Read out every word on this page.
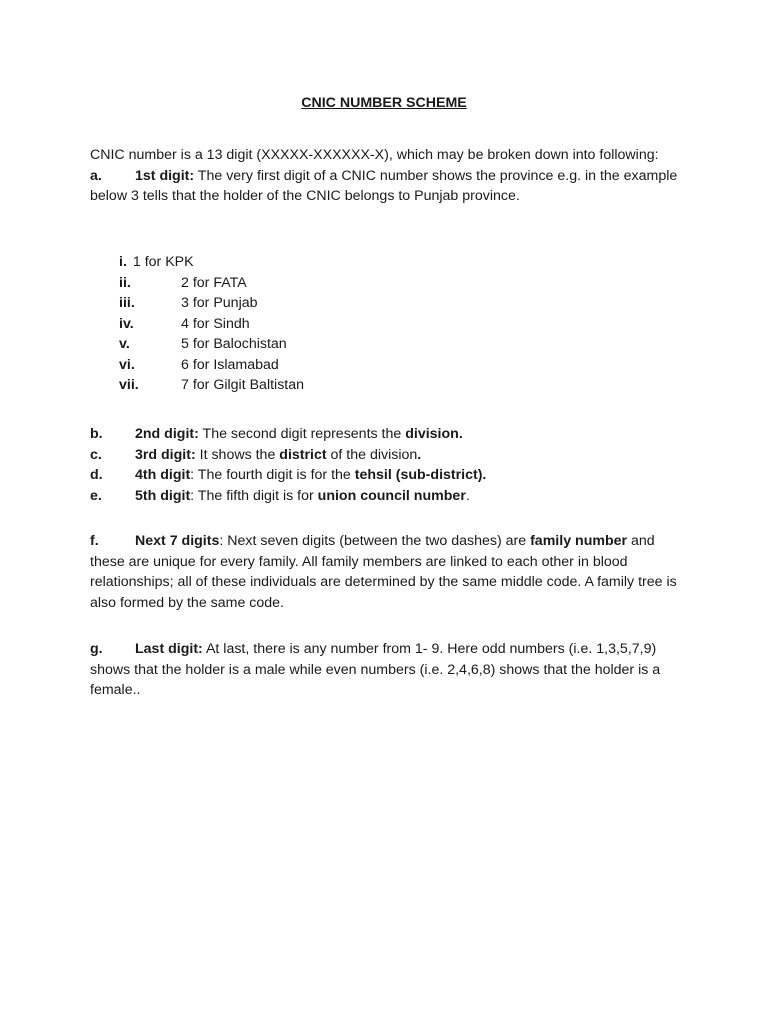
CNIC NUMBER SCHEME
CNIC number is a 13 digit (XXXXX-XXXXXX-X), which may be broken down into following:
a. 1st digit: The very first digit of a CNIC number shows the province e.g. in the example below 3 tells that the holder of the CNIC belongs to Punjab province.
i. 1 for KPK
ii.	2 for FATA
iii.	3 for Punjab
iv.	4 for Sindh
v.	5 for Balochistan
vi.	6 for Islamabad
vii.	7 for Gilgit Baltistan
b. 2nd digit: The second digit represents the division.
c. 3rd digit: It shows the district of the division.
d. 4th digit: The fourth digit is for the tehsil (sub-district).
e. 5th digit: The fifth digit is for union council number.
f.	Next 7 digits: Next seven digits (between the two dashes) are family number and these are unique for every family. All family members are linked to each other in blood relationships; all of these individuals are determined by the same middle code. A family tree is also formed by the same code.
g. Last digit: At last, there is any number from 1- 9. Here odd numbers (i.e. 1,3,5,7,9) shows that the holder is a male while even numbers (i.e. 2,4,6,8) shows that the holder is a female..
